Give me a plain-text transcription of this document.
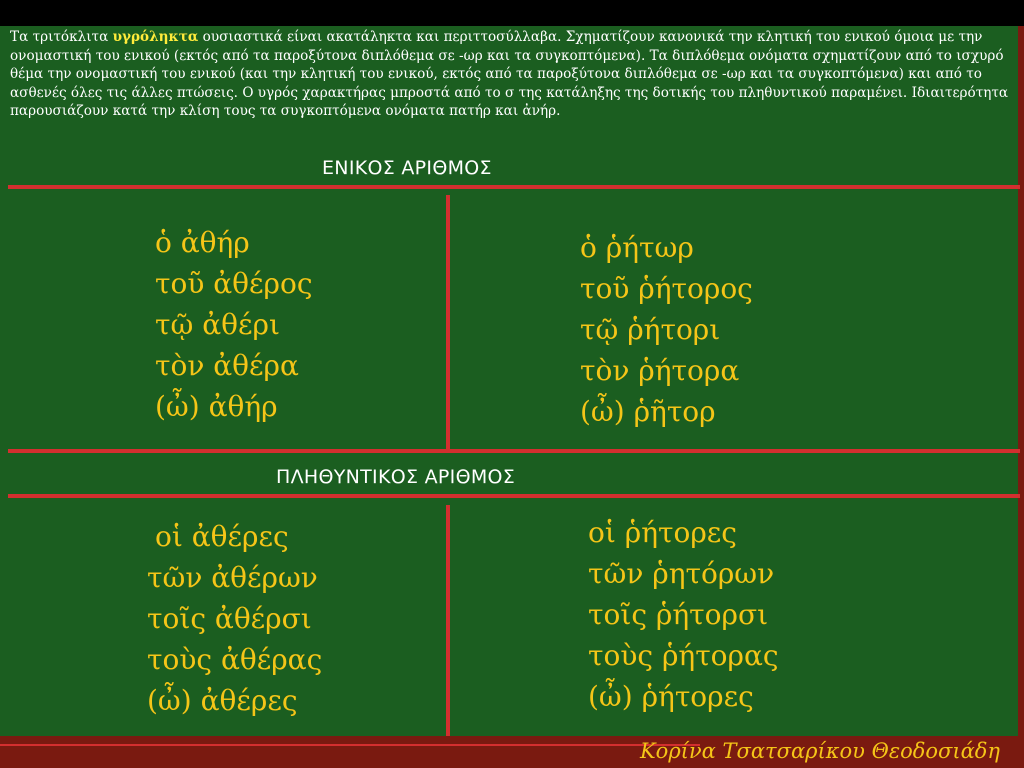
Τα τριτόκλιτα υγρόληκτα ουσιαστικά είναι ακατάληκτα και περιττοσύλλαβα. Σχηματίζουν κανονικά την κλητική του ενικού όμοια με την ονομαστική του ενικού (εκτός από τα παροξύτονα διπλόθεμα σε -ωρ και τα συγκοπτόμενα). Τα διπλόθεμα ονόματα σχηματίζουν από το ισχυρό θέμα την ονομαστική του ενικού (και την κλητική του ενικού, εκτός από τα παροξύτονα διπλόθεμα σε -ωρ και τα συγκοπτόμενα) και από το ασθενές όλες τις άλλες πτώσεις. Ο υγρός χαρακτήρας μπροστά από το σ της κατάληξης της δοτικής του πληθυντικού παραμένει. Ιδιαιτερότητα παρουσιάζουν κατά την κλίση τους τα συγκοπτόμενα ονόματα πατήρ και ἀνήρ.

ΕΝΙΚΟΣ ΑΡΙΘΜΟΣ
ὁ ἀθήρ
τοῦ ἀθέρος
τῷ ἀθέρι
τὸν ἀθέρα
(ὦ) ἀθήρ
ὁ ῥήτωρ
τοῦ ῥήτορος
τῷ ῥήτορι
τὸν ῥήτορα
(ὦ) ῥῆτορ
ΠΛΗΘΥΝΤΙΚΟΣ ΑΡΙΘΜΟΣ
οἱ ἀθέρες
τῶν ἀθέρων
τοῖς ἀθέρσι
τοὺς ἀθέρας
(ὦ) ἀθέρες
οἱ ῥήτορες
τῶν ῥητόρων
τοῖς ῥήτορσι
τοὺς ῥήτορας
(ὦ) ῥήτορες
Κορίνα Τσατσαρίκου Θεοδοσιάδη
